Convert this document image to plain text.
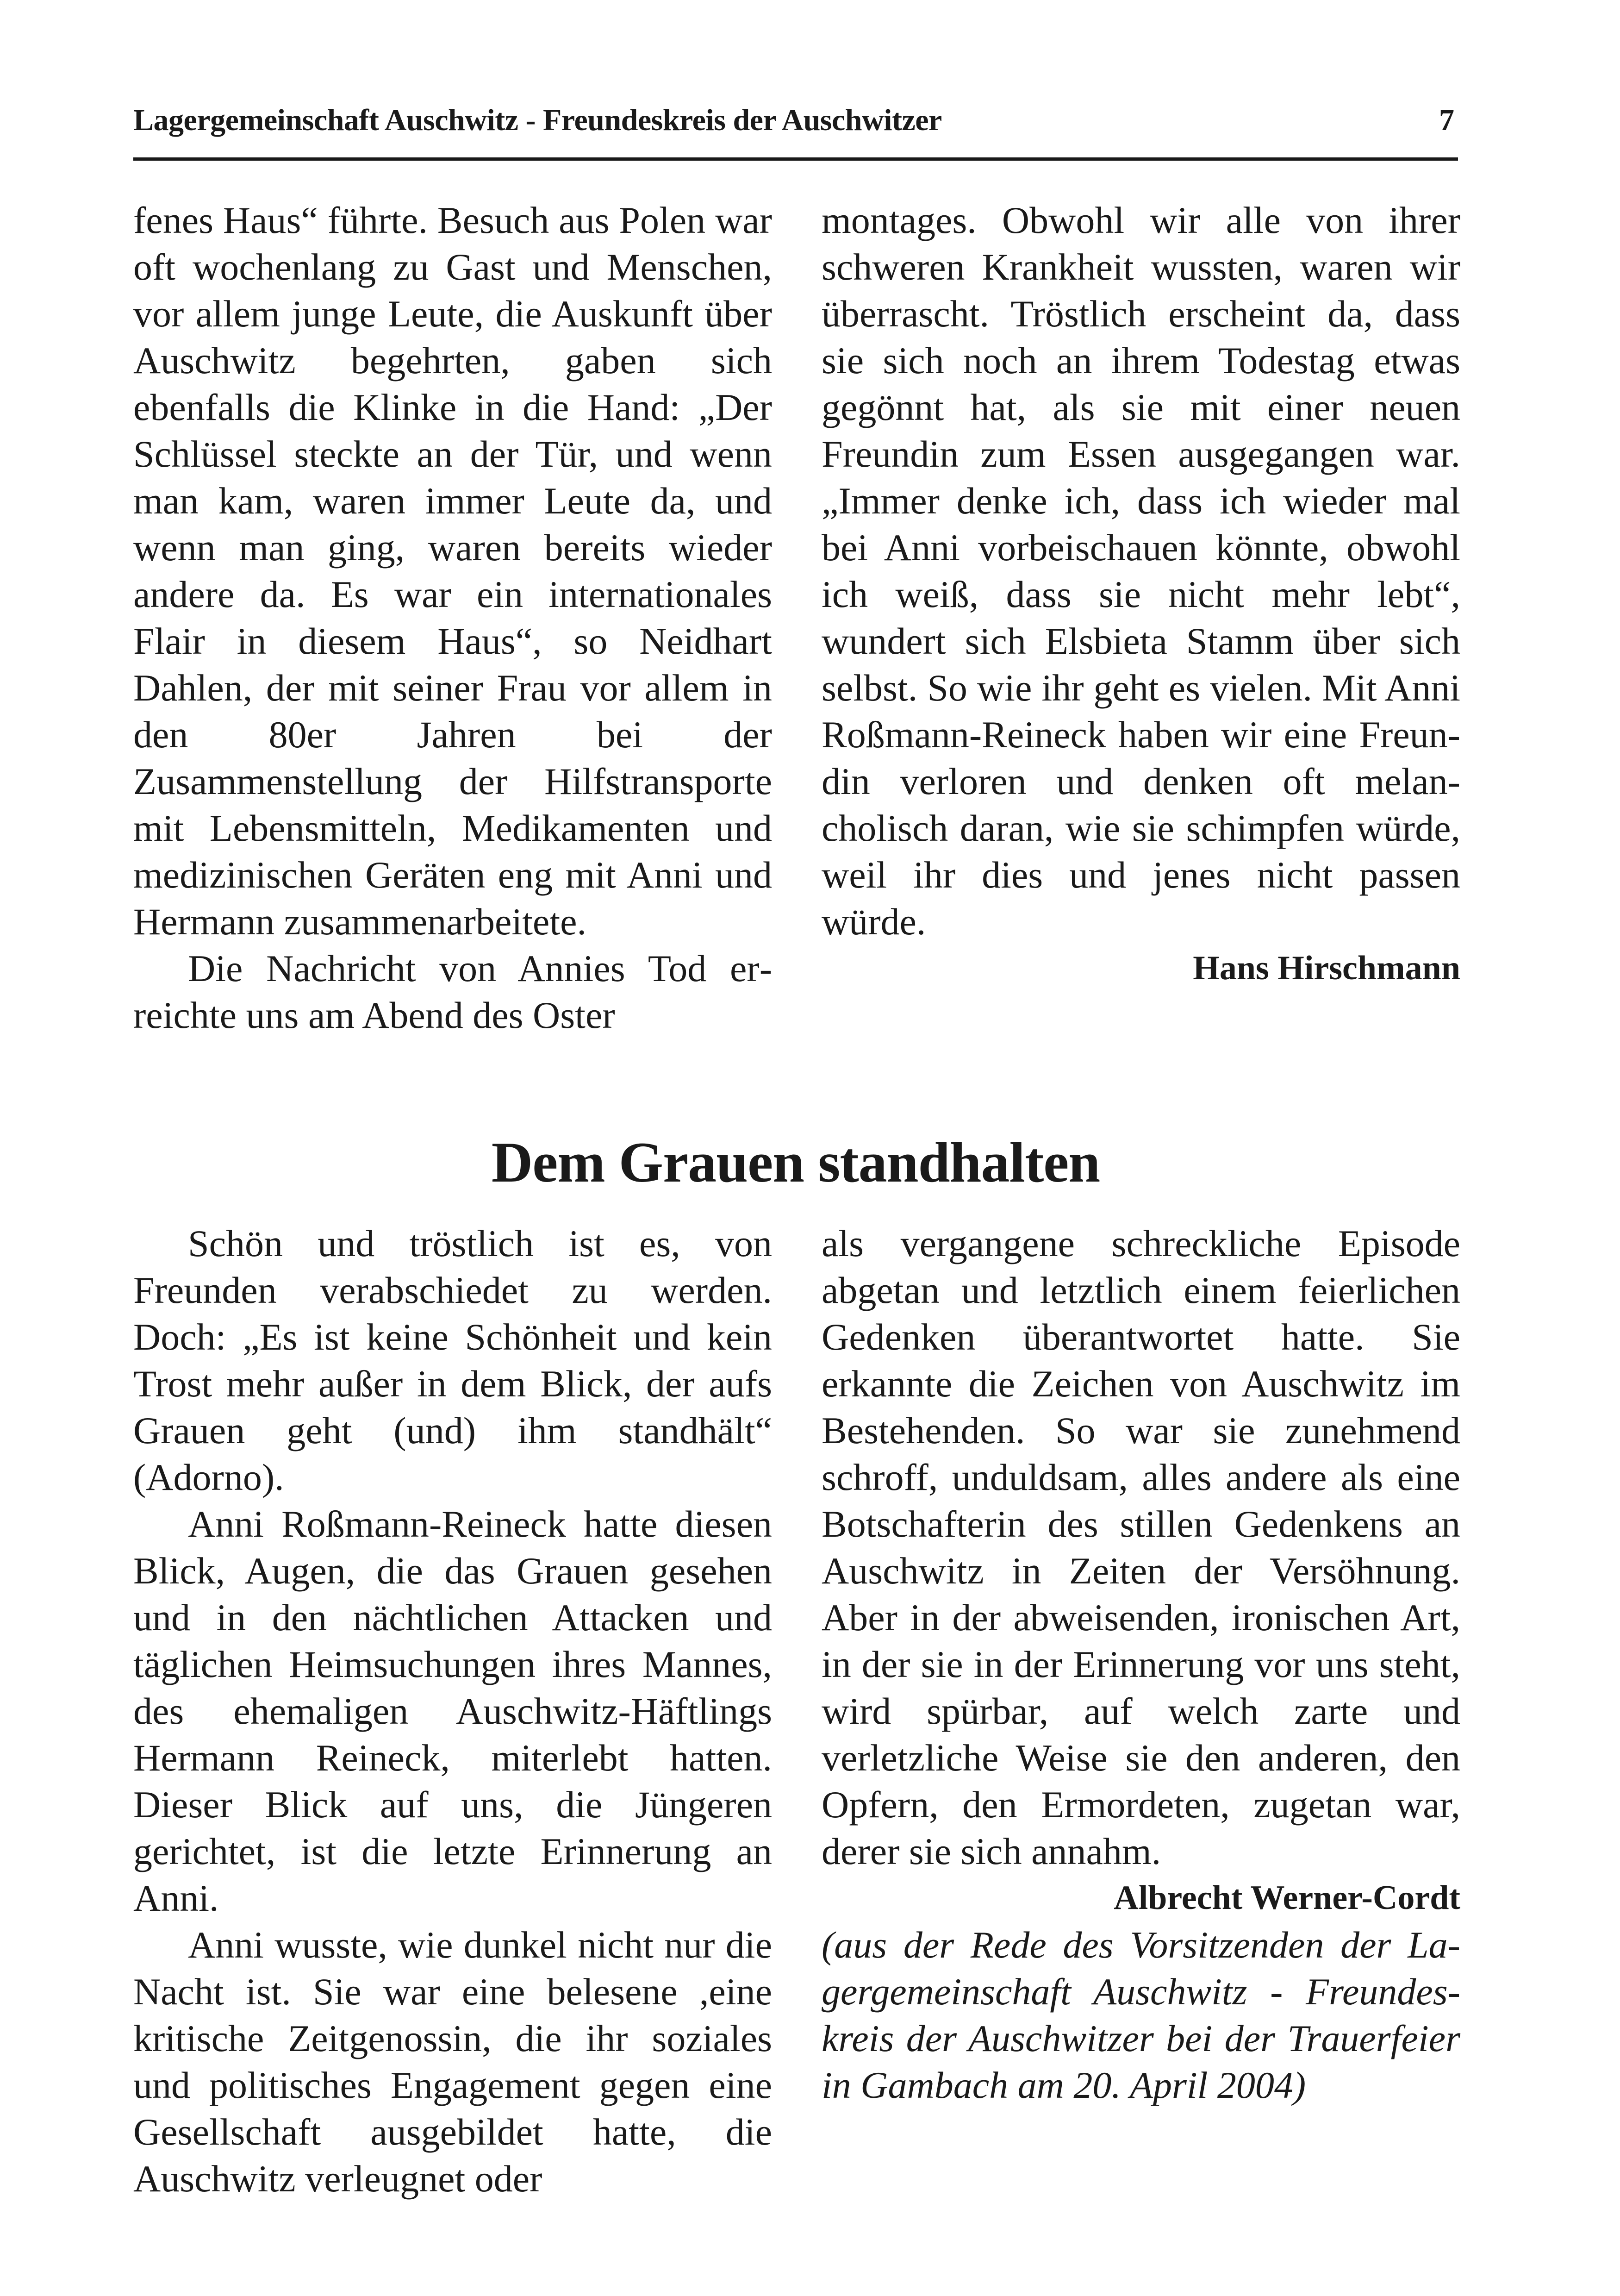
Lagergemeinschaft Auschwitz - Freundeskreis der Auschwitzer	7

fenes Haus“ führte. Besuch aus Polen war oft wochenlang zu Gast und Menschen, vor allem junge Leute, die Auskunft über Auschwitz begehrten, gaben sich ebenfalls die Klinke in die Hand: „Der Schlüssel steckte an der Tür, und wenn man kam, waren immer Leute da, und wenn man ging, waren bereits wieder andere da. Es war ein internationales Flair in diesem Haus“, so Neidhart Dahlen, der mit seiner Frau vor allem in den 80er Jahren bei der Zusammenstellung der Hilfstransporte mit Lebensmitteln, Medikamenten und medizinischen Geräten eng mit Anni und Hermann zusammenarbeitete.

Die Nachricht von Annies Tod erreichte uns am Abend des Oster

montages. Obwohl wir alle von ihrer schweren Krankheit wussten, waren wir überrascht. Tröstlich erscheint da, dass sie sich noch an ihrem Todestag etwas gegönnt hat, als sie mit einer neuen Freundin zum Essen ausgegangen war. „Immer denke ich, dass ich wieder mal bei Anni vorbeischauen könnte, obwohl ich weiß, dass sie nicht mehr lebt“, wundert sich Elsbieta Stamm über sich selbst. So wie ihr geht es vielen. Mit Anni Roßmann-Reineck haben wir eine Freundin verloren und denken oft melancholisch daran, wie sie schimpfen würde, weil ihr dies und jenes nicht passen würde.

Hans Hirschmann

Dem Grauen standhalten

Schön und tröstlich ist es, von Freunden verabschiedet zu werden. Doch: „Es ist keine Schönheit und kein Trost mehr außer in dem Blick, der aufs Grauen geht (und) ihm standhält“ (Adorno).

Anni Roßmann-Reineck hatte diesen Blick, Augen, die das Grauen gesehen und in den nächtlichen Attacken und täglichen Heimsuchungen ihres Mannes, des ehemaligen Auschwitz-Häftlings Hermann Reineck, miterlebt hatten. Dieser Blick auf uns, die Jüngeren gerichtet, ist die letzte Erinnerung an Anni.

Anni wusste, wie dunkel nicht nur die Nacht ist. Sie war eine belesene ,eine kritische Zeitgenossin, die ihr soziales und politisches Engagement gegen eine Gesellschaft ausgebildet hatte, die Auschwitz verleugnet oder

als vergangene schreckliche Episode abgetan und letztlich einem feierlichen Gedenken überantwortet hatte. Sie erkannte die Zeichen von Auschwitz im Bestehenden. So war sie zunehmend schroff, unduldsam, alles andere als eine Botschafterin des stillen Gedenkens an Auschwitz in Zeiten der Versöhnung. Aber in der abweisenden, ironischen Art, in der sie in der Erinnerung vor uns steht, wird spürbar, auf welch zarte und verletzliche Weise sie den anderen, den Opfern, den Ermordeten, zugetan war, derer sie sich annahm.

Albrecht Werner-Cordt

(aus der Rede des Vorsitzenden der Lagergemeinschaft Auschwitz - Freundeskreis der Auschwitzer bei der Trauerfeier in Gambach am 20. April 2004)
